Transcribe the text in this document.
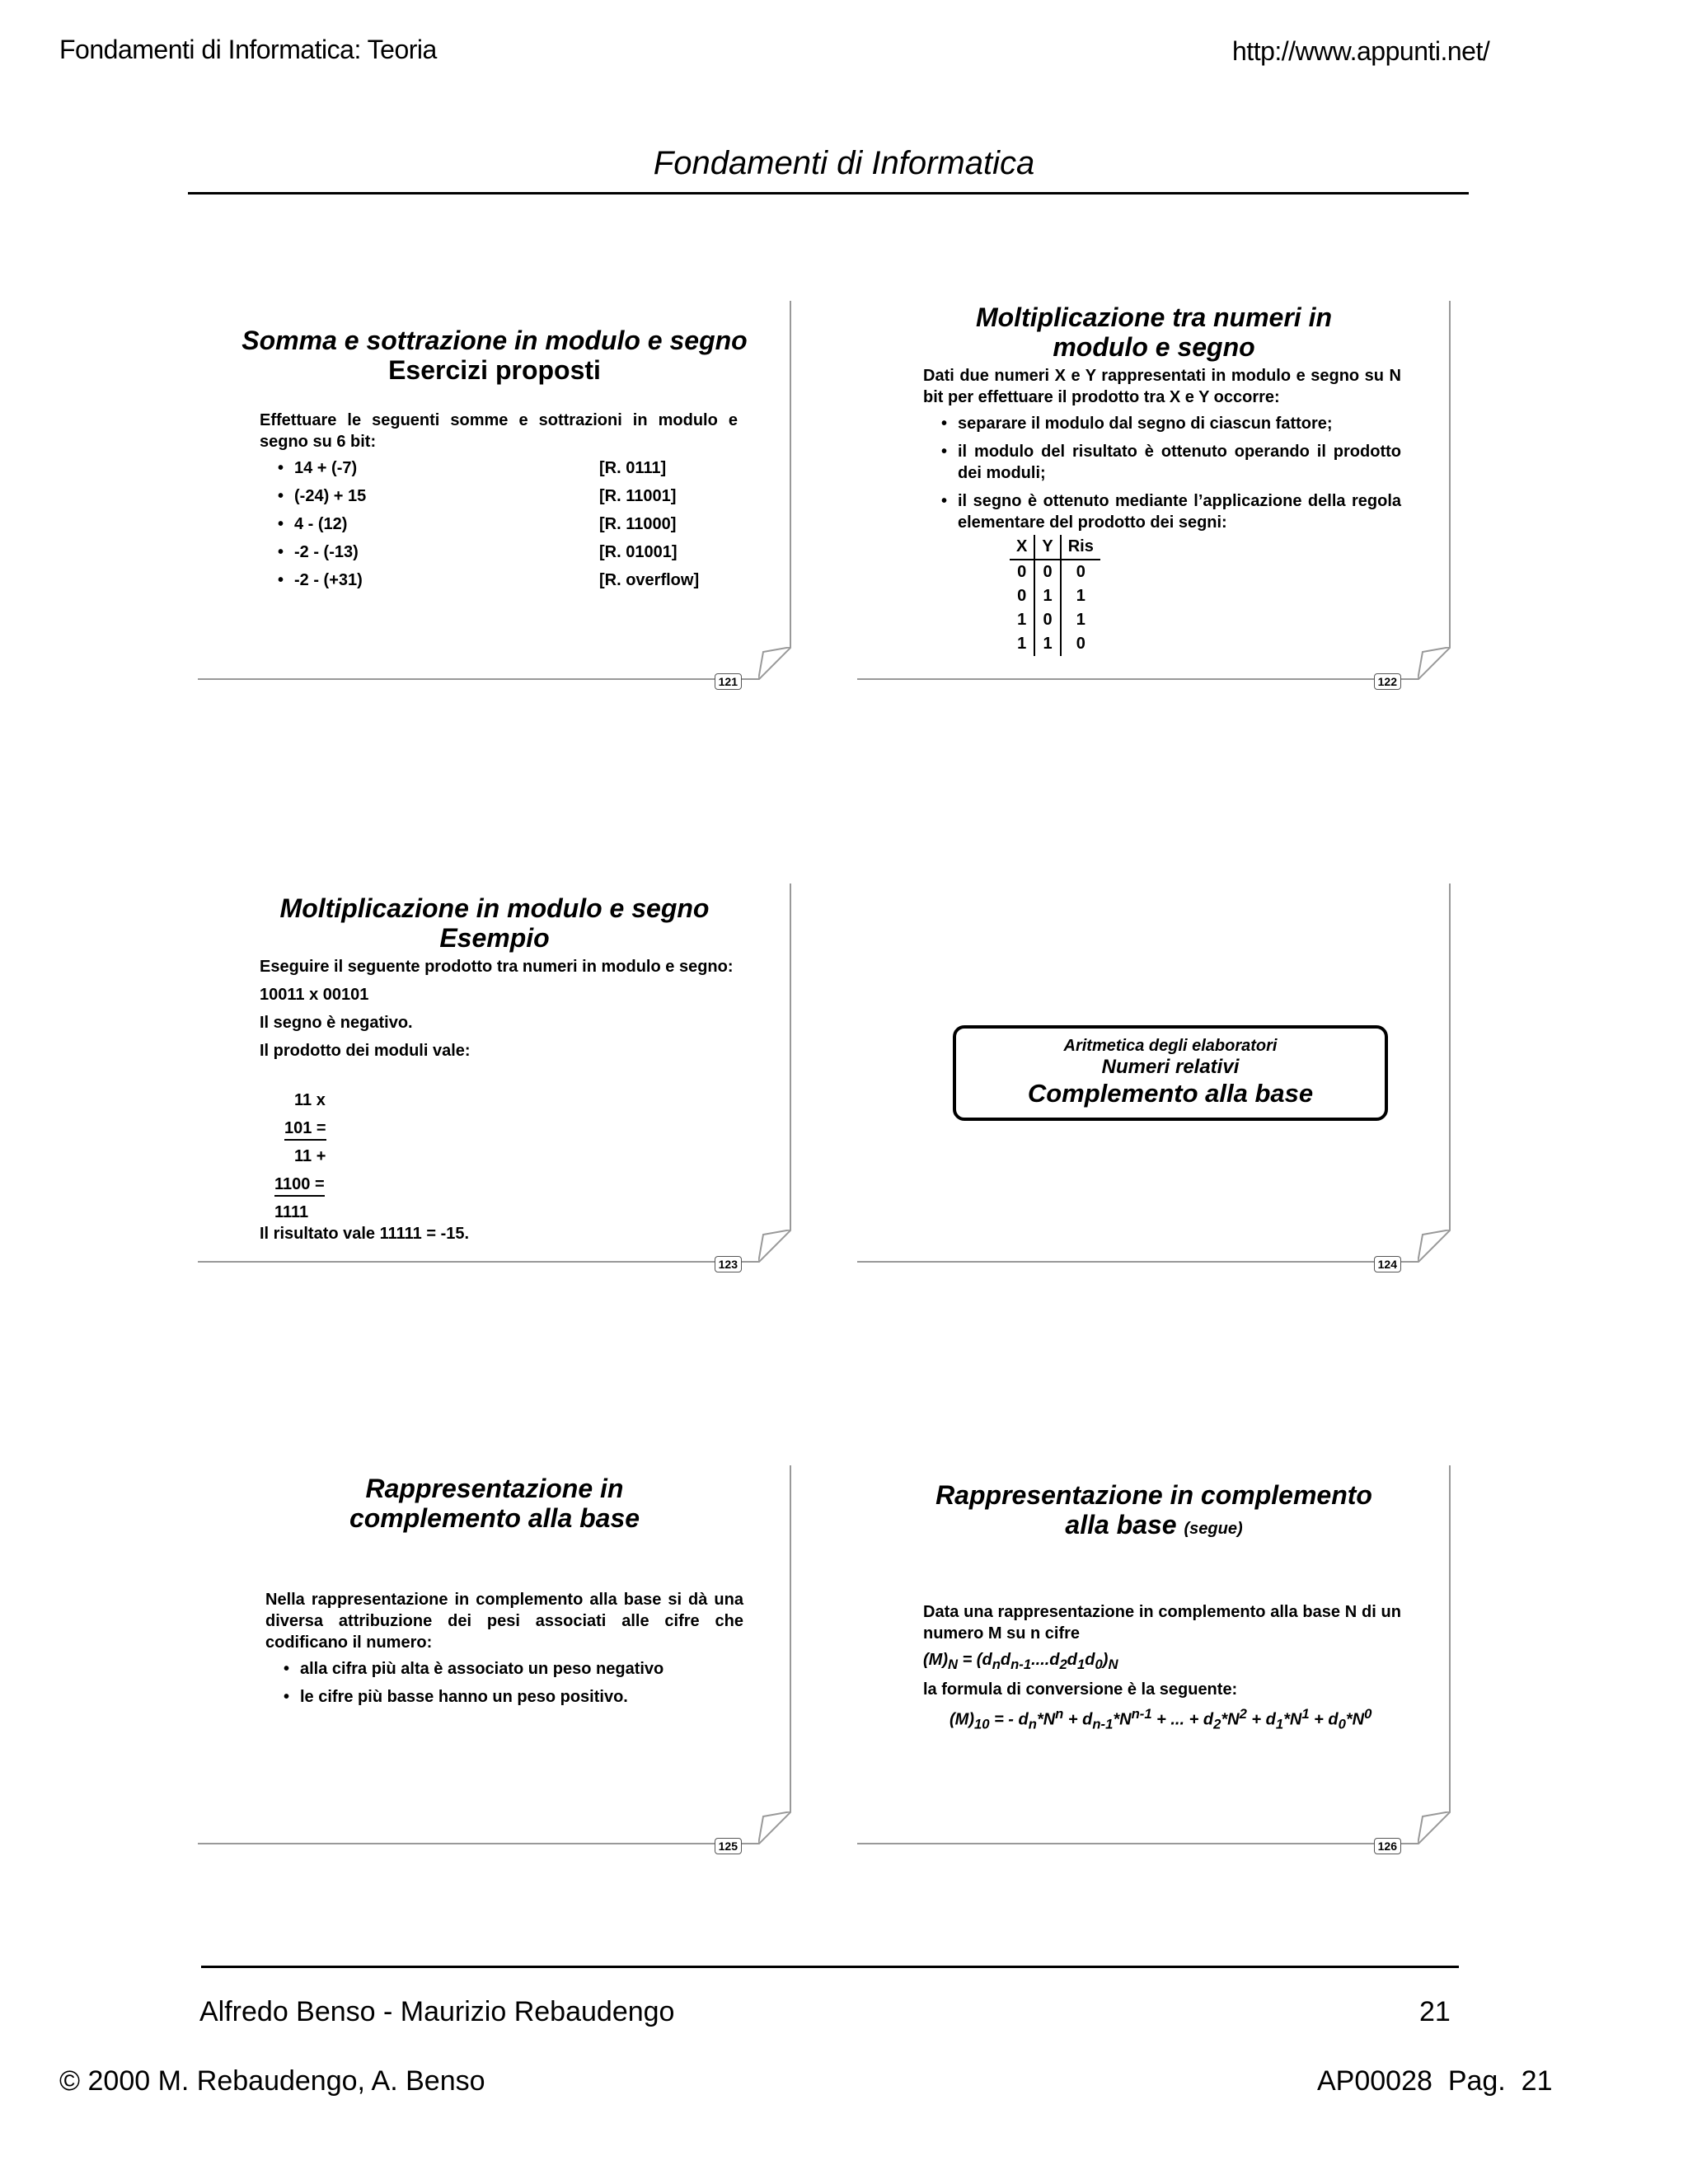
Fondamenti di Informatica: Teoria	http://www.appunti.net/
Fondamenti di Informatica
121
Somma e sottrazione in modulo e segno
Esercizi proposti
Effettuare le seguenti somme e sottrazioni in modulo e segno su 6 bit:
• 14 + (-7)	[R. 0111]
• (-24) + 15	[R. 11001]
• 4 - (12)	[R. 11000]
• -2 - (-13)	[R. 01001]
• -2 - (+31)	[R. overflow]
122
Moltiplicazione tra numeri in
modulo e segno
Dati due numeri X e Y rappresentati in modulo e segno su N bit per effettuare il prodotto tra X e Y occorre:
• separare il modulo dal segno di ciascun fattore;
• il modulo del risultato è ottenuto operando il prodotto dei moduli;
• il segno è ottenuto mediante l’applicazione della regola elementare del prodotto dei segni:
X	Y	Ris
0	0	0
0	1	1
1	0	1
1	1	0
123
Moltiplicazione in modulo e segno
Esempio
Eseguire il seguente prodotto tra numeri in modulo e segno:
10011 x 00101
Il segno è negativo.
Il prodotto dei moduli vale:
11 x
101 =
11 +
1100 =
1111
Il risultato vale 11111 = -15.
124
Aritmetica degli elaboratori
Numeri relativi
Complemento alla base
125
Rappresentazione in
complemento alla base
Nella rappresentazione in complemento alla base si dà una diversa attribuzione dei pesi associati alle cifre che codificano il numero:
• alla cifra più alta è associato un peso negativo
• le cifre più basse hanno un peso positivo.
126
Rappresentazione in complemento
alla base (segue)
Data una rappresentazione in complemento alla base N di un numero M su n cifre
$(M)_N = (d_nd_{n-1}....d_2d_1d_0)_N$
la formula di conversione è la seguente:
$(M)_{10}$ = - $d_n*N^n + d_{n-1}*N^{n-1}$ + ... + $d_2*N^2 + d_1*N^1 + d_0*N^0$
Alfredo Benso - Maurizio Rebaudengo	21
© 2000 M. Rebaudengo, A. Benso	AP00028 Pag. 21
